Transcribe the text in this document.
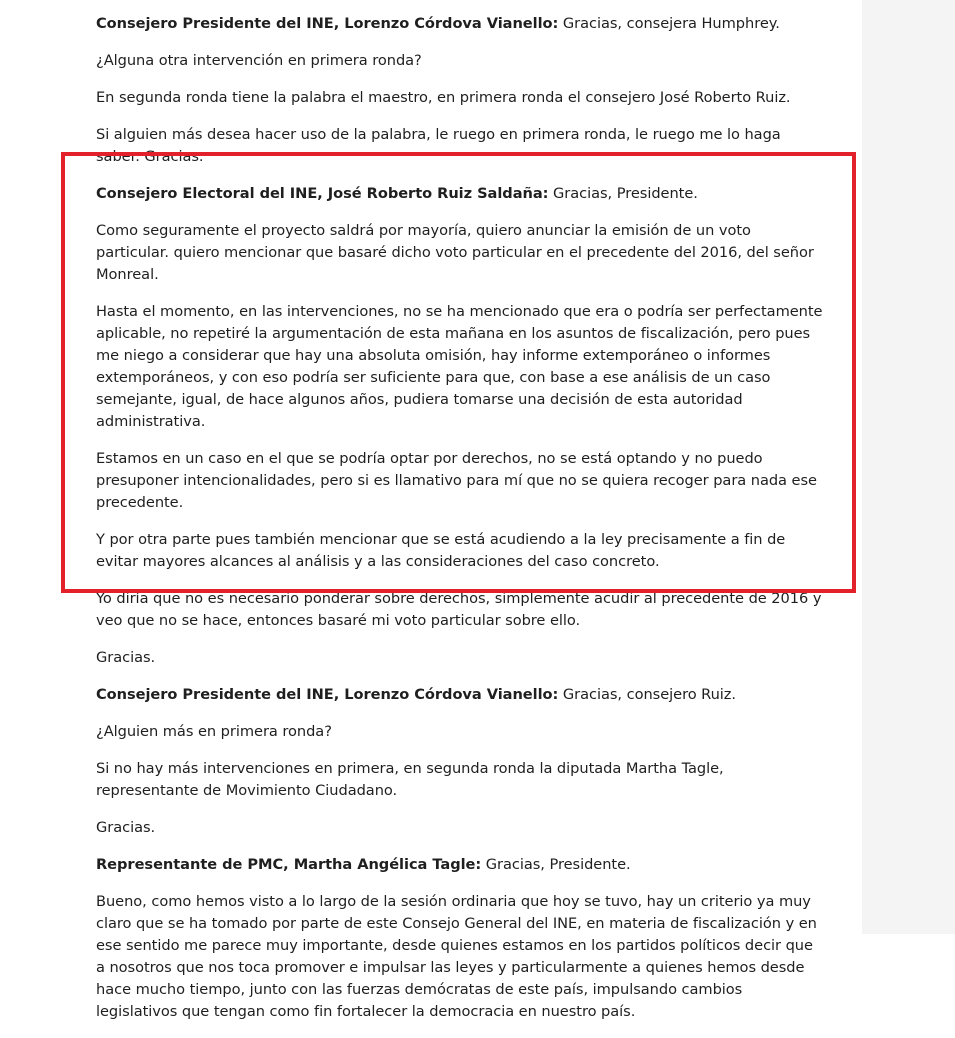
Consejero Presidente del INE, Lorenzo Córdova Vianello: Gracias, consejera Humphrey.

¿Alguna otra intervención en primera ronda?

En segunda ronda tiene la palabra el maestro, en primera ronda el consejero José Roberto Ruiz.

Si alguien más desea hacer uso de la palabra, le ruego en primera ronda, le ruego me lo haga saber. Gracias.

Consejero Electoral del INE, José Roberto Ruiz Saldaña: Gracias, Presidente.

Como seguramente el proyecto saldrá por mayoría, quiero anunciar la emisión de un voto particular. quiero mencionar que basaré dicho voto particular en el precedente del 2016, del señor Monreal.

Hasta el momento, en las intervenciones, no se ha mencionado que era o podría ser perfectamente aplicable, no repetiré la argumentación de esta mañana en los asuntos de fiscalización, pero pues me niego a considerar que hay una absoluta omisión, hay informe extemporáneo o informes extemporáneos, y con eso podría ser suficiente para que, con base a ese análisis de un caso semejante, igual, de hace algunos años, pudiera tomarse una decisión de esta autoridad administrativa.

Estamos en un caso en el que se podría optar por derechos, no se está optando y no puedo presuponer intencionalidades, pero si es llamativo para mí que no se quiera recoger para nada ese precedente.

Y por otra parte pues también mencionar que se está acudiendo a la ley precisamente a fin de evitar mayores alcances al análisis y a las consideraciones del caso concreto.

Yo diría que no es necesario ponderar sobre derechos, simplemente acudir al precedente de 2016 y veo que no se hace, entonces basaré mi voto particular sobre ello.

Gracias.

Consejero Presidente del INE, Lorenzo Córdova Vianello: Gracias, consejero Ruiz.

¿Alguien más en primera ronda?

Si no hay más intervenciones en primera, en segunda ronda la diputada Martha Tagle, representante de Movimiento Ciudadano.

Gracias.

Representante de PMC, Martha Angélica Tagle: Gracias, Presidente.

Bueno, como hemos visto a lo largo de la sesión ordinaria que hoy se tuvo, hay un criterio ya muy claro que se ha tomado por parte de este Consejo General del INE, en materia de fiscalización y en ese sentido me parece muy importante, desde quienes estamos en los partidos políticos decir que a nosotros que nos toca promover e impulsar las leyes y particularmente a quienes hemos desde hace mucho tiempo, junto con las fuerzas demócratas de este país, impulsando cambios legislativos que tengan como fin fortalecer la democracia en nuestro país.
